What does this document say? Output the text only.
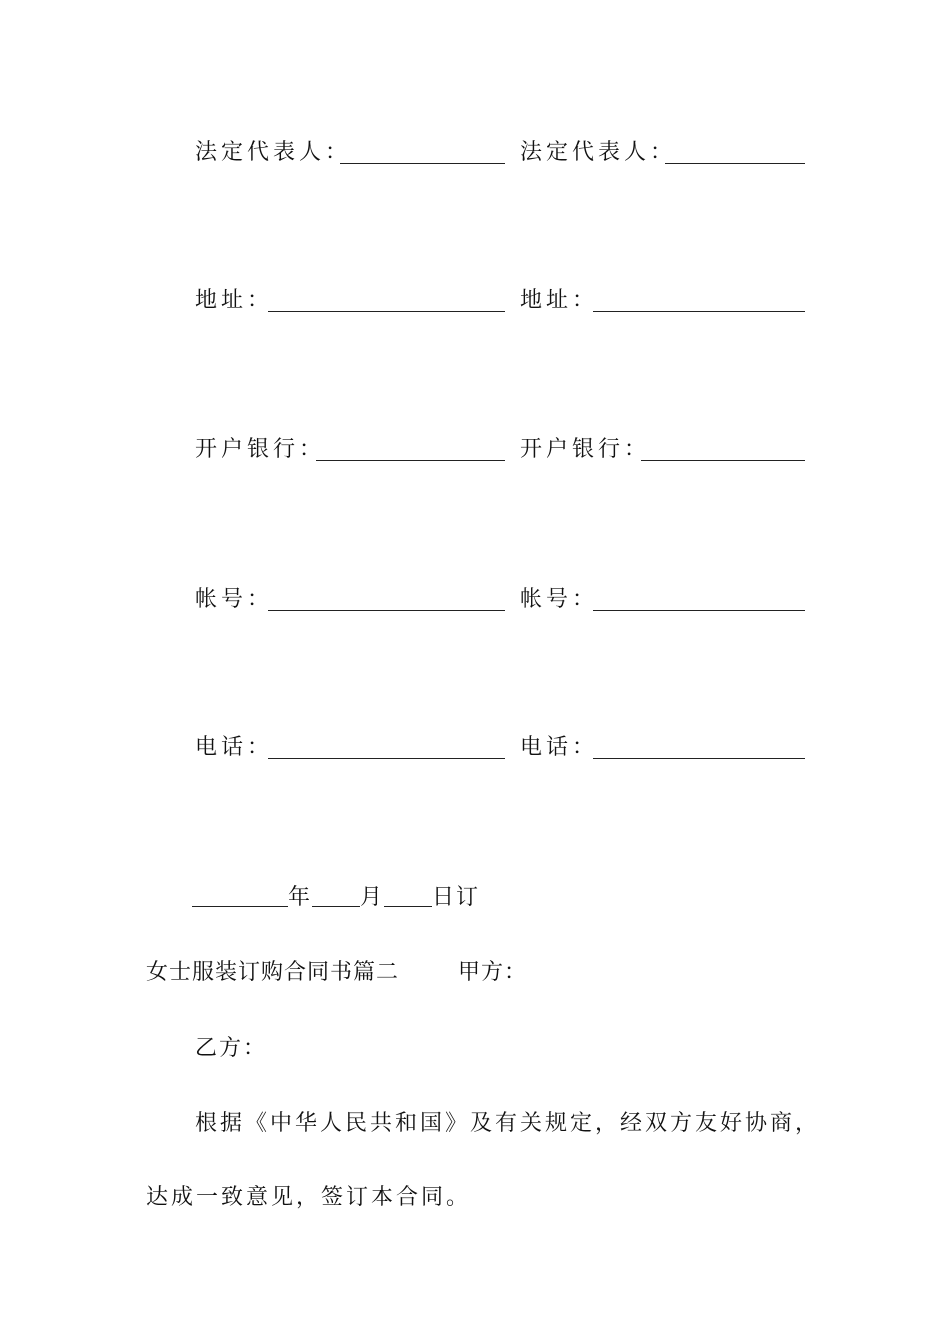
法定代表人：	法定代表人：
地址：	地址：
开户银行：	开户银行：
帐号：	帐号：
电话：	电话：
年 月 日订
女士服装订购合同书篇二	甲方：
乙方：
根据《中华人民共和国》及有关规定，经双方友好协商，
达成一致意见，签订本合同。
